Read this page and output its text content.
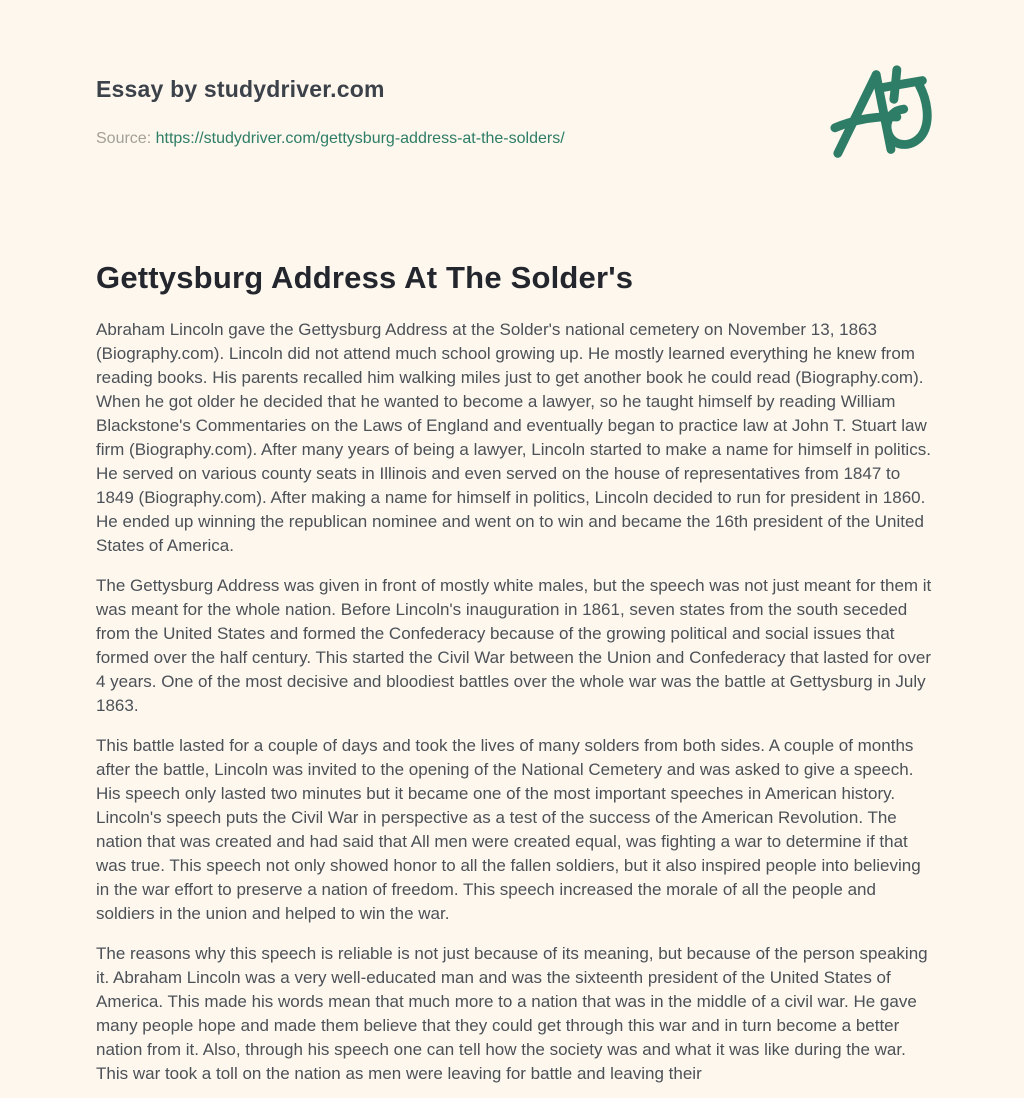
Essay by studydriver.com
Source: https://studydriver.com/gettysburg-address-at-the-solders/
Gettysburg Address At The Solder's

Abraham Lincoln gave the Gettysburg Address at the Solder's national cemetery on November 13, 1863 (Biography.com). Lincoln did not attend much school growing up. He mostly learned everything he knew from reading books. His parents recalled him walking miles just to get another book he could read (Biography.com). When he got older he decided that he wanted to become a lawyer, so he taught himself by reading William Blackstone's Commentaries on the Laws of England and eventually began to practice law at John T. Stuart law firm (Biography.com). After many years of being a lawyer, Lincoln started to make a name for himself in politics. He served on various county seats in Illinois and even served on the house of representatives from 1847 to 1849 (Biography.com). After making a name for himself in politics, Lincoln decided to run for president in 1860. He ended up winning the republican nominee and went on to win and became the 16th president of the United States of America.

The Gettysburg Address was given in front of mostly white males, but the speech was not just meant for them it was meant for the whole nation. Before Lincoln's inauguration in 1861, seven states from the south seceded from the United States and formed the Confederacy because of the growing political and social issues that formed over the half century. This started the Civil War between the Union and Confederacy that lasted for over 4 years. One of the most decisive and bloodiest battles over the whole war was the battle at Gettysburg in July 1863.

This battle lasted for a couple of days and took the lives of many solders from both sides. A couple of months after the battle, Lincoln was invited to the opening of the National Cemetery and was asked to give a speech. His speech only lasted two minutes but it became one of the most important speeches in American history. Lincoln's speech puts the Civil War in perspective as a test of the success of the American Revolution. The nation that was created and had said that All men were created equal, was fighting a war to determine if that was true. This speech not only showed honor to all the fallen soldiers, but it also inspired people into believing in the war effort to preserve a nation of freedom. This speech increased the morale of all the people and soldiers in the union and helped to win the war.

The reasons why this speech is reliable is not just because of its meaning, but because of the person speaking it. Abraham Lincoln was a very well-educated man and was the sixteenth president of the United States of America. This made his words mean that much more to a nation that was in the middle of a civil war. He gave many people hope and made them believe that they could get through this war and in turn become a better nation from it. Also, through his speech one can tell how the society was and what it was like during the war. This war took a toll on the nation as men were leaving for battle and leaving their
